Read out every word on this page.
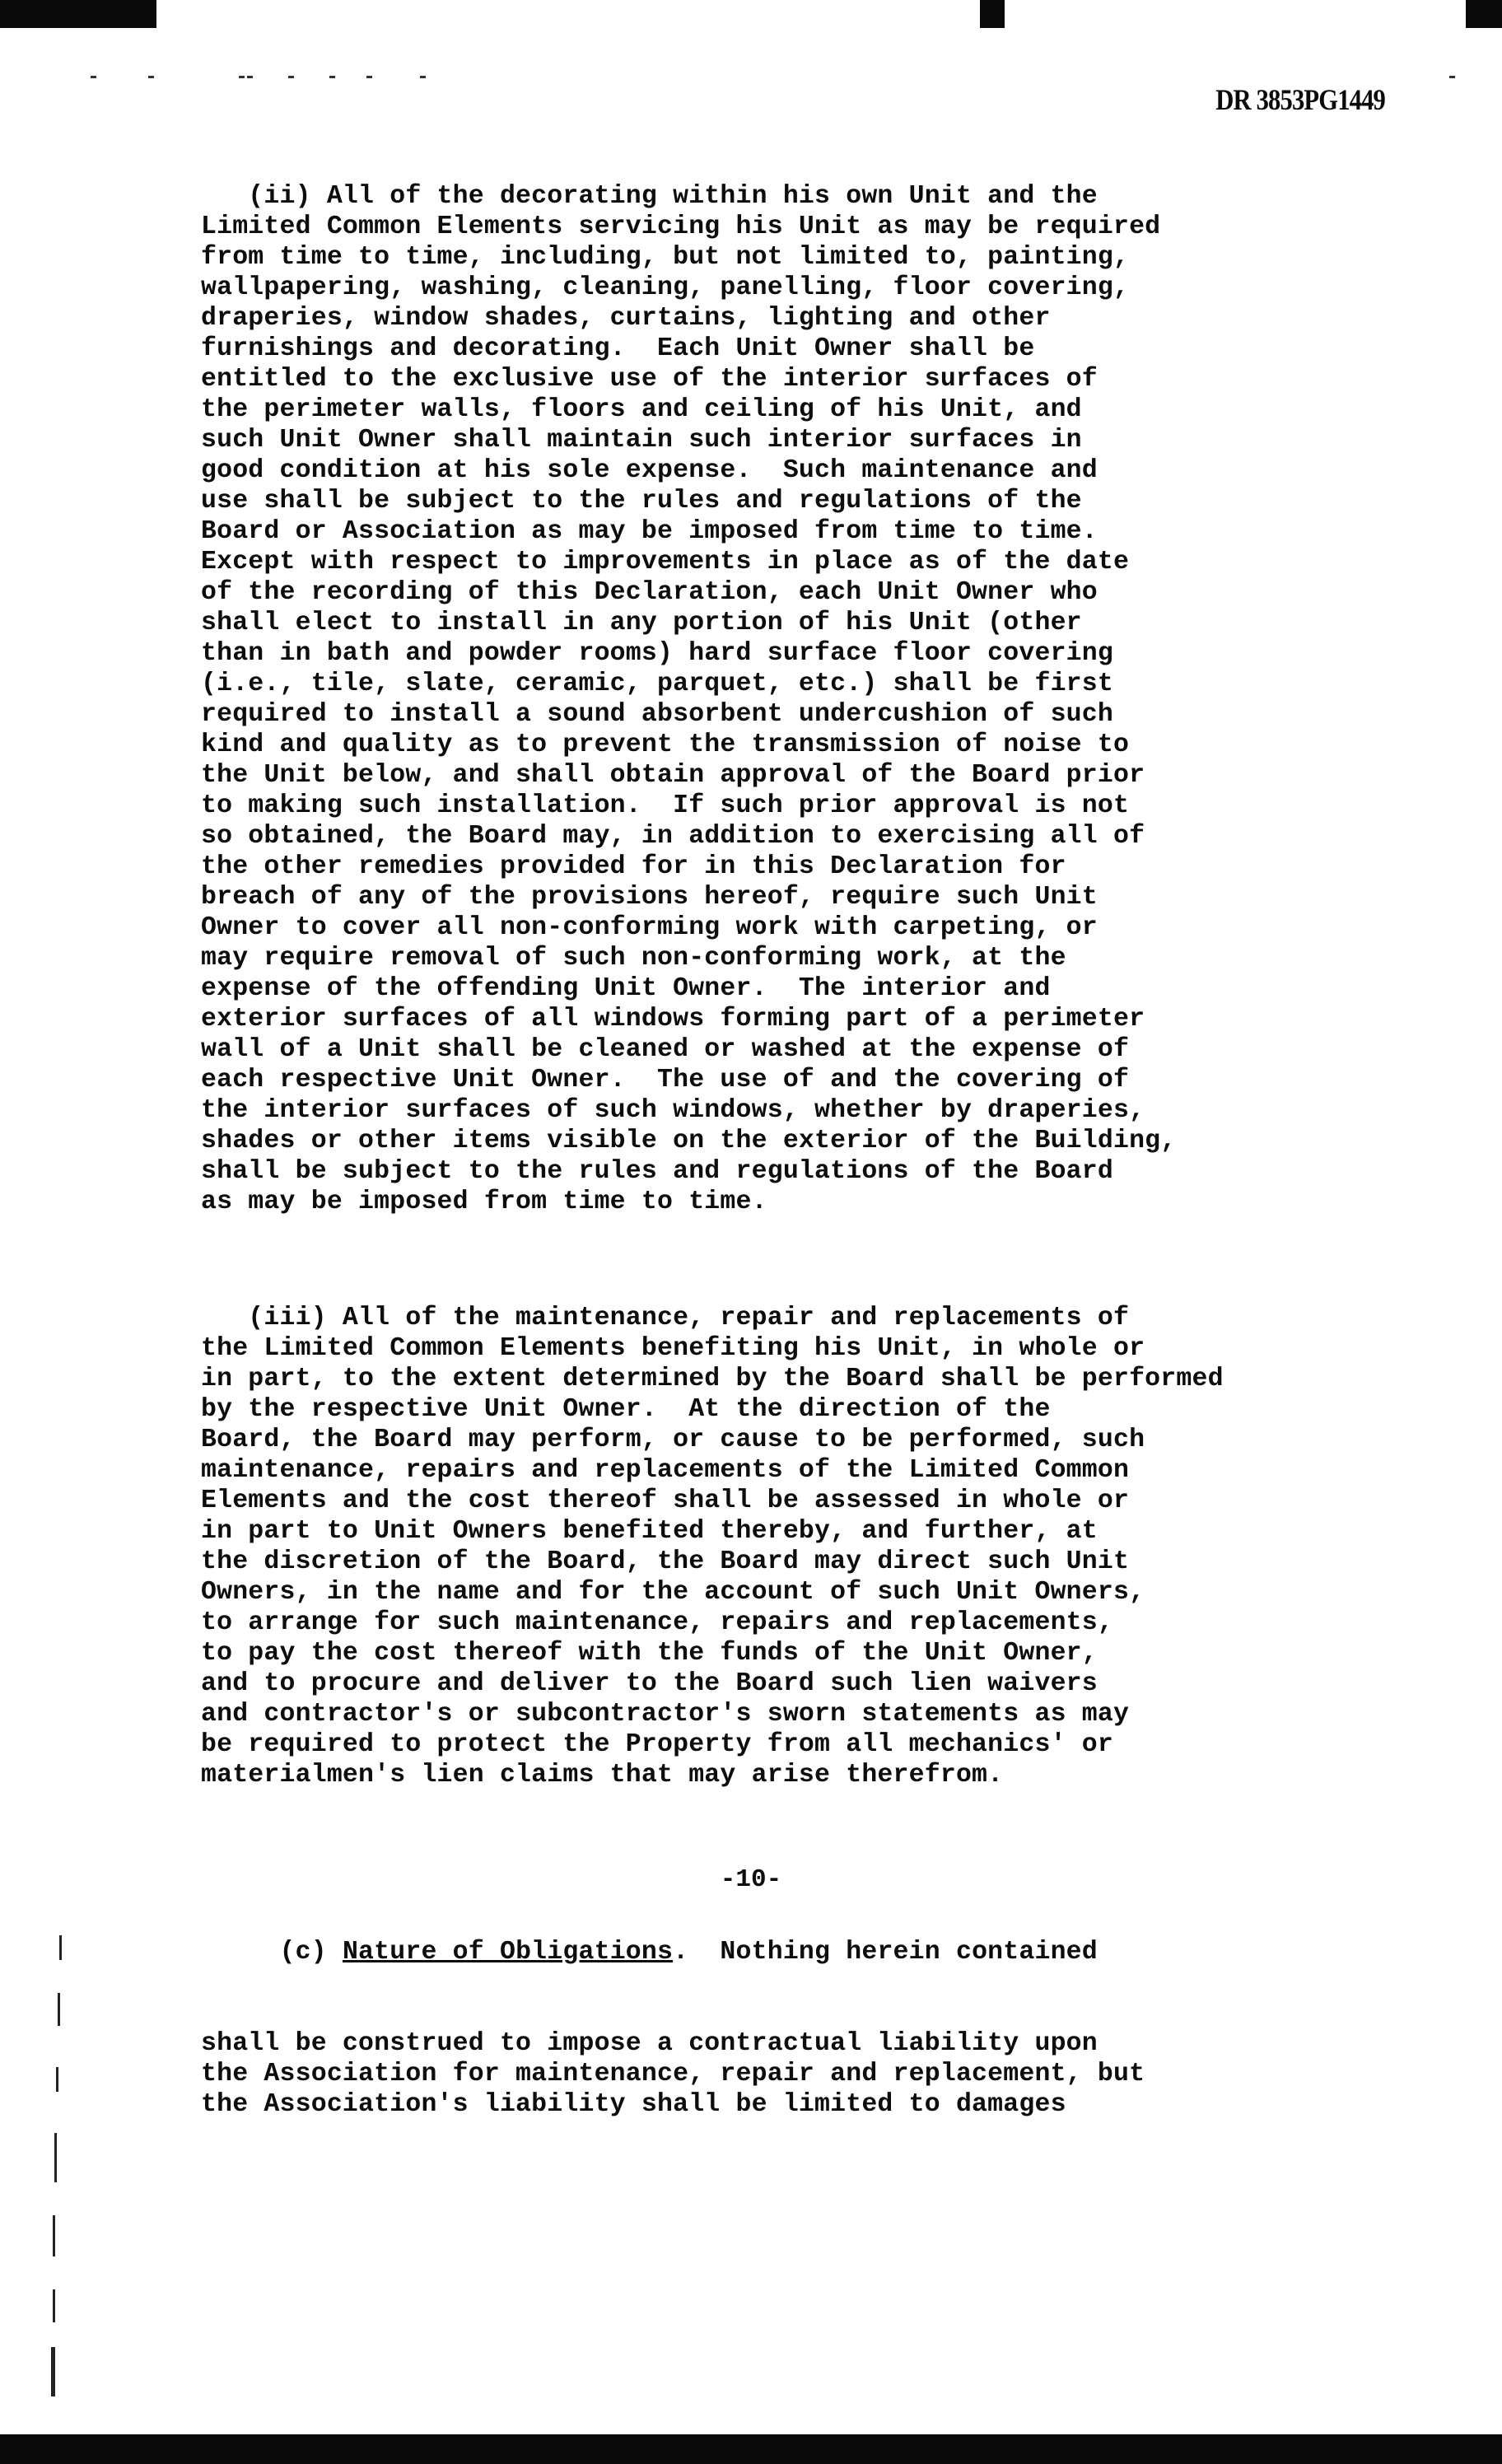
DR 3853PG1449

(ii) All of the decorating within his own Unit and the
Limited Common Elements servicing his Unit as may be required
from time to time, including, but not limited to, painting,
wallpapering, washing, cleaning, panelling, floor covering,
draperies, window shades, curtains, lighting and other
furnishings and decorating.  Each Unit Owner shall be
entitled to the exclusive use of the interior surfaces of
the perimeter walls, floors and ceiling of his Unit, and
such Unit Owner shall maintain such interior surfaces in
good condition at his sole expense.  Such maintenance and
use shall be subject to the rules and regulations of the
Board or Association as may be imposed from time to time.
Except with respect to improvements in place as of the date
of the recording of this Declaration, each Unit Owner who
shall elect to install in any portion of his Unit (other
than in bath and powder rooms) hard surface floor covering
(i.e., tile, slate, ceramic, parquet, etc.) shall be first
required to install a sound absorbent undercushion of such
kind and quality as to prevent the transmission of noise to
the Unit below, and shall obtain approval of the Board prior
to making such installation.  If such prior approval is not
so obtained, the Board may, in addition to exercising all of
the other remedies provided for in this Declaration for
breach of any of the provisions hereof, require such Unit
Owner to cover all non-conforming work with carpeting, or
may require removal of such non-conforming work, at the
expense of the offending Unit Owner.  The interior and
exterior surfaces of all windows forming part of a perimeter
wall of a Unit shall be cleaned or washed at the expense of
each respective Unit Owner.  The use of and the covering of
the interior surfaces of such windows, whether by draperies,
shades or other items visible on the exterior of the Building,
shall be subject to the rules and regulations of the Board
as may be imposed from time to time.

(iii) All of the maintenance, repair and replacements of
the Limited Common Elements benefiting his Unit, in whole or
in part, to the extent determined by the Board shall be performed
by the respective Unit Owner.  At the direction of the
Board, the Board may perform, or cause to be performed, such
maintenance, repairs and replacements of the Limited Common
Elements and the cost thereof shall be assessed in whole or
in part to Unit Owners benefited thereby, and further, at
the discretion of the Board, the Board may direct such Unit
Owners, in the name and for the account of such Unit Owners,
to arrange for such maintenance, repairs and replacements,
to pay the cost thereof with the funds of the Unit Owner,
and to procure and deliver to the Board such lien waivers
and contractor's or subcontractor's sworn statements as may
be required to protect the Property from all mechanics' or
materialmen's lien claims that may arise therefrom.

(c) Nature of Obligations.  Nothing herein contained

shall be construed to impose a contractual liability upon
the Association for maintenance, repair and replacement, but
the Association's liability shall be limited to damages

-10-
